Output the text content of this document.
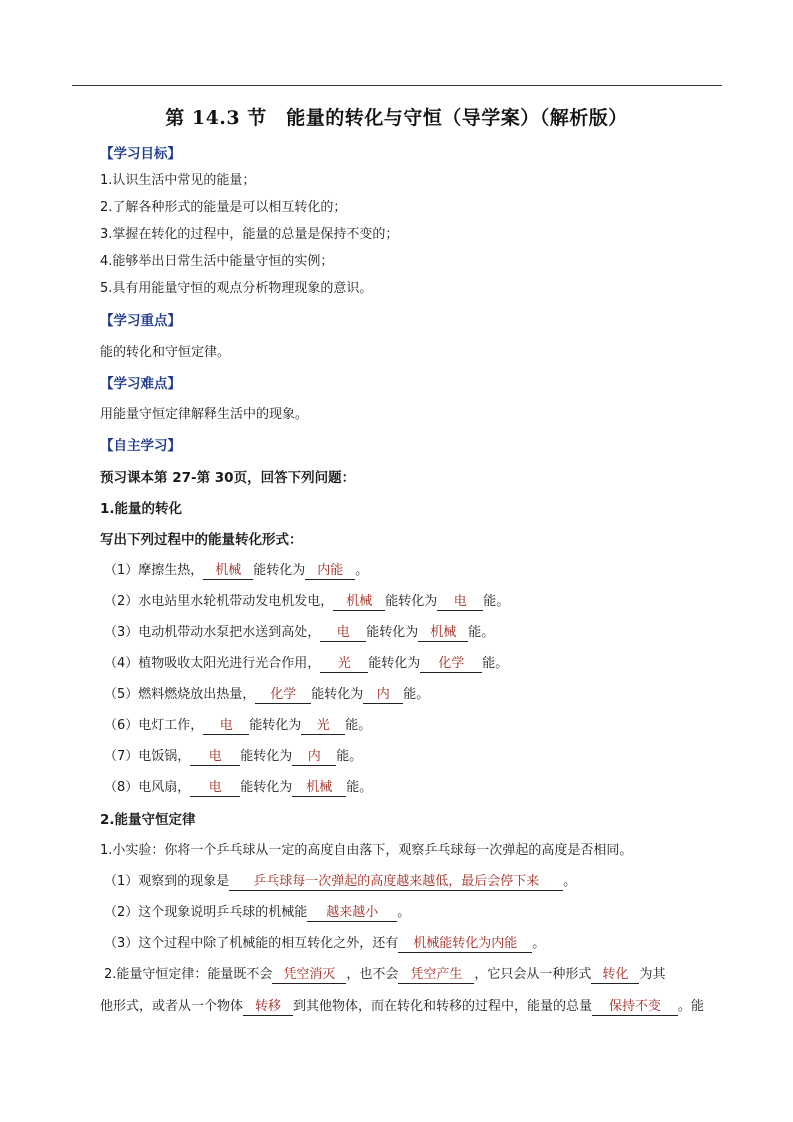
第 14.3 节　能量的转化与守恒（导学案）（解析版）
【学习目标】
1.认识生活中常见的能量；
2.了解各种形式的能量是可以相互转化的；
3.掌握在转化的过程中，能量的总量是保持不变的；
4.能够举出日常生活中能量守恒的实例；
5.具有用能量守恒的观点分析物理现象的意识。
【学习重点】
能的转化和守恒定律。
【学习难点】
用能量守恒定律解释生活中的现象。
【自主学习】
预习课本第 27-第 30页，回答下列问题：
1.能量的转化
写出下列过程中的能量转化形式：
（1）摩擦生热， 机械 能转化为 内能 。
（2）水电站里水轮机带动发电机发电， 机械 能转化为 电 能。
（3）电动机带动水泵把水送到高处， 电 能转化为 机械 能。
（4）植物吸收太阳光进行光合作用， 光 能转化为 化学 能。
（5）燃料燃烧放出热量， 化学 能转化为 内 能。
（6）电灯工作， 电 能转化为 光 能。
（7）电饭锅， 电 能转化为 内 能。
（8）电风扇， 电 能转化为 机械 能。
2.能量守恒定律
1.小实验：你将一个乒乓球从一定的高度自由落下，观察乒乓球每一次弹起的高度是否相同。
（1）观察到的现象是 乒乓球每一次弹起的高度越来越低，最后会停下来 。
（2）这个现象说明乒乓球的机械能 越来越小 。
（3）这个过程中除了机械能的相互转化之外，还有 机械能转化为内能 。
2.能量守恒定律：能量既不会 凭空消灭 ，也不会 凭空产生 ，它只会从一种形式 转化 为其
他形式，或者从一个物体 转移 到其他物体，而在转化和转移的过程中，能量的总量 保持不变 。能
